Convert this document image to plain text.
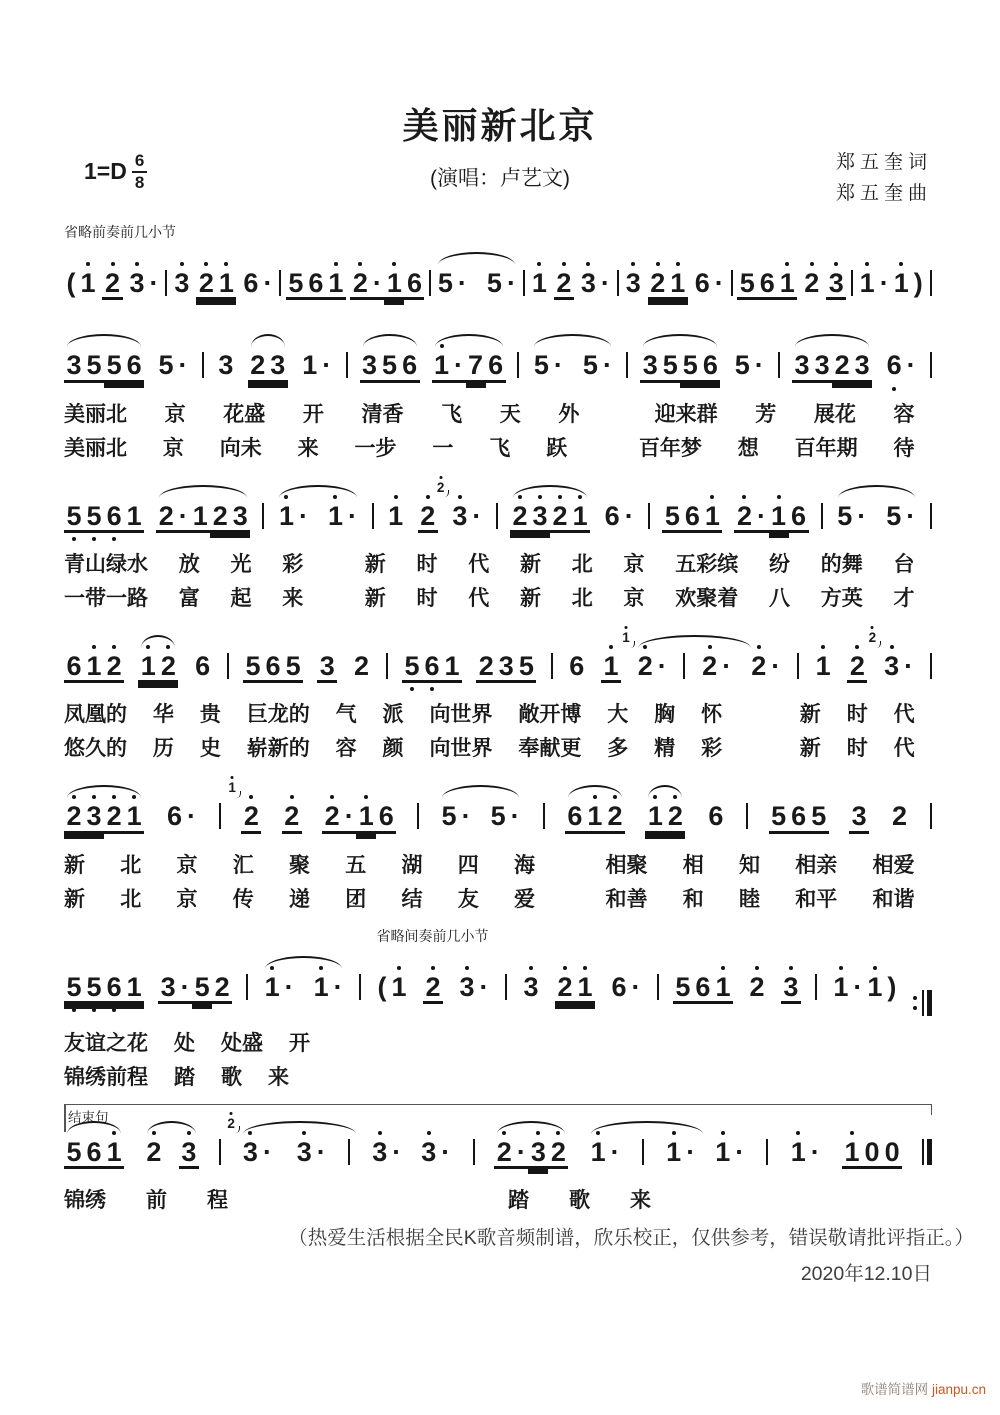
美丽新北京
$1=D \frac{6}{8}$	(演唱：卢艺文)
郑五奎词
郑五奎曲
省略前奏前几小节
( 1 2 3 · 3 2 1 6 · 5 6 1 2 · 1 6 5 · 5 · 1 2 3 · 3 2 1 6 · 5 6 1 2 3 1 · 1 )
3 5 5 6 5 · 3 2 3 1 · 3 5 6 1 · 7 6 5 · 5 · 3 5 5 6 5 · 3 3 2 3 6 ·
美丽北 京 花盛 开 清香 飞 天 外	迎来群 芳 展花 容
美丽北 京 向未 来 一步 一 飞 跃	百年梦 想 百年期 待
5 5 6 1 2 · 1 2 3 1 · 1 · 1 2
2
3 · 2 3 2 1 6 · 5 6 1 2 · 1 6 5 · 5 ·
青山绿水 放 光 彩	新 时 代 新 北 京 五彩缤 纷 的舞 台
一带一路 富 起 来	新 时 代 新 北 京 欢聚着 八 方英 才
6 1 2 1 2 6 5 6 5 3 2 5 6 1 2 3 5 6 1
1
2 · 2 · 2 · 1 2
2
3 ·
凤凰的 华 贵 巨龙的 气 派 向世界 敞开博 大 胸 怀	新 时 代
悠久的 历 史 崭新的 容 颜 向世界 奉献更 多 精 彩	新 时 代
2 3 2 1 6 ·
1
2 2 2 · 1 6 5 · 5 · 6 1 2 1 2 6 5 6 5 3 2
新 北 京 汇 聚 五 湖 四 海	相聚 相 知 相亲 相爱
新 北 京 传 递 团 结 友 爱	和善 和 睦 和平 和谐
省略间奏前几小节
5 5 6 1 3 · 5 2 1 · 1 · ( 1 2 3 · 3 2 1 6 · 5 6 1 2 3 1 · 1 )
友谊之花 处 处盛 开
锦绣前程 踏 歌 来
结束句
5 6 1 2 3
2
3 · 3 · 3 · 3 · 2 · 3 2 1 · 1 · 1 · 1 · 1 0 0
锦绣 前 程	踏 歌 来
（热爱生活根据全民K歌音频制谱，欣乐校正，仅供参考，错误敬请批评指正。）
2020年12.10日
歌谱简谱网 jianpu.cn
